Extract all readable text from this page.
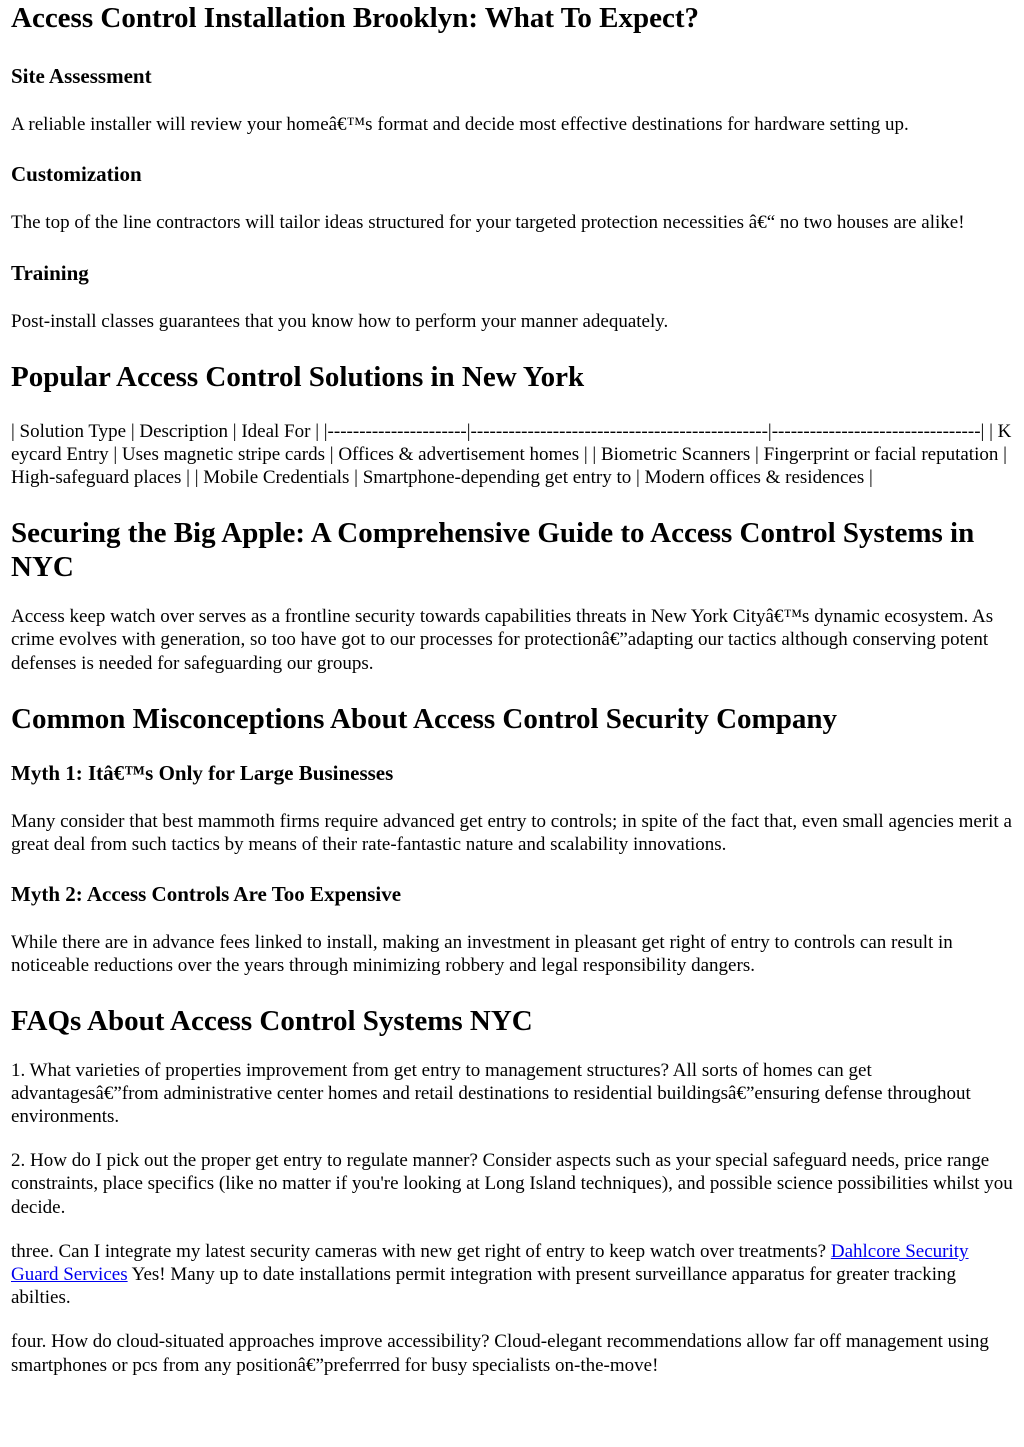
Access Control Installation Brooklyn: What To Expect?
Site Assessment

A reliable installer will review your homeâ€™s format and decide most effective destinations for hardware setting up.

Customization

The top of the line contractors will tailor ideas structured for your targeted protection necessities â€“ no two houses are alike!

Training

Post-install classes guarantees that you know how to perform your manner adequately.

Popular Access Control Solutions in New York

| Solution Type | Description | Ideal For | |----------------------|-----------------------------------------------|---------------------------------| | Keycard Entry | Uses magnetic stripe cards | Offices & advertisement homes | | Biometric Scanners | Fingerprint or facial reputation | High-safeguard places | | Mobile Credentials | Smartphone-depending get entry to | Modern offices & residences |

Securing the Big Apple: A Comprehensive Guide to Access Control Systems in NYC

Access keep watch over serves as a frontline security towards capabilities threats in New York Cityâ€™s dynamic ecosystem. As crime evolves with generation, so too have got to our processes for protectionâ€”adapting our tactics although conserving potent defenses is needed for safeguarding our groups.

Common Misconceptions About Access Control Security Company
Myth 1: Itâ€™s Only for Large Businesses

Many consider that best mammoth firms require advanced get entry to controls; in spite of the fact that, even small agencies merit a great deal from such tactics by means of their rate-fantastic nature and scalability innovations.

Myth 2: Access Controls Are Too Expensive

While there are in advance fees linked to install, making an investment in pleasant get right of entry to controls can result in noticeable reductions over the years through minimizing robbery and legal responsibility dangers.

FAQs About Access Control Systems NYC

1. What varieties of properties improvement from get entry to management structures? All sorts of homes can get advantagesâ€”from administrative center homes and retail destinations to residential buildingsâ€”ensuring defense throughout environments.

2. How do I pick out the proper get entry to regulate manner? Consider aspects such as your special safeguard needs, price range constraints, place specifics (like no matter if you're looking at Long Island techniques), and possible science possibilities whilst you decide.

three. Can I integrate my latest security cameras with new get right of entry to keep watch over treatments? Dahlcore Security Guard Services Yes! Many up to date installations permit integration with present surveillance apparatus for greater tracking abilties.

four. How do cloud-situated approaches improve accessibility? Cloud-elegant recommendations allow far off management using smartphones or pcs from any positionâ€”preferrred for busy specialists on-the-move!
